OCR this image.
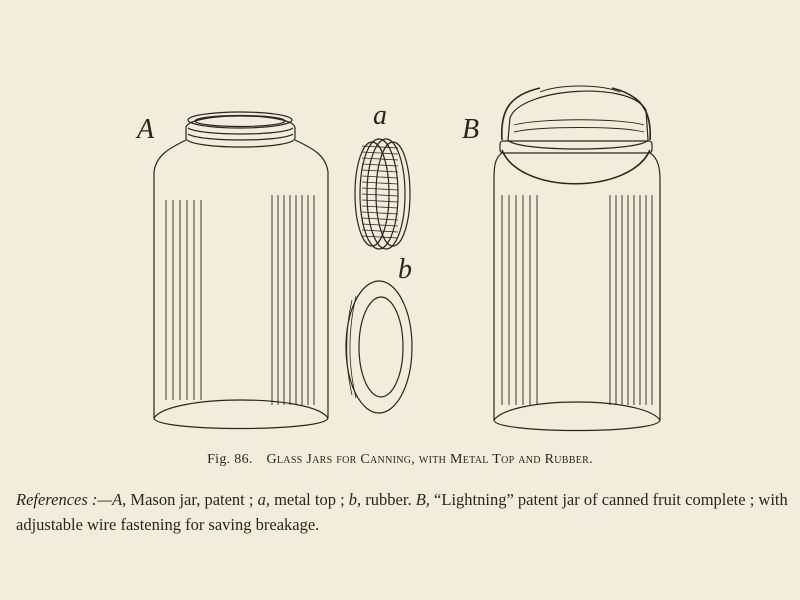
A	a	B
b
Fig. 86. Glass Jars for Canning, with Metal Top and Rubber.
References :—A, Mason jar, patent ; a, metal top ; b, rubber. B, “Lightning” patent jar of canned fruit complete ; with adjustable wire fastening for saving breakage.
